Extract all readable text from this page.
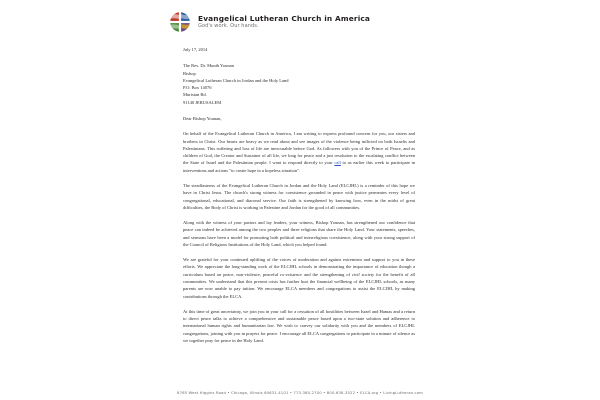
Evangelical Lutheran Church in America
God's work. Our hands.

July 17, 2014

The Rev. Dr. Munib Younan
Bishop
Evangelical Lutheran Church in Jordan and the Holy Land
P.O. Box 14076
Muristan Rd.
91140 JERUSALEM

Dear Bishop Younan,

On behalf of the Evangelical Lutheran Church in America, I am writing to express profound concern for you, our sisters and brothers in Christ. Our hearts are heavy as we read about and see images of the violence being inflicted on both Israelis and Palestinians. This suffering and loss of life are inexcusable before God. As followers with you of the Prince of Peace, and as children of God, the Creator and Sustainer of all life, we long for peace and a just resolution to the escalating conflict between the State of Israel and the Palestinian people. I want to respond directly to your call to us earlier this week to participate in interventions and actions "to create hope in a hopeless situation".

The steadfastness of the Evangelical Lutheran Church in Jordan and the Holy Land (ELCJHL) is a reminder of this hope we have in Christ Jesus. The church's strong witness for coexistence grounded in peace with justice permeates every level of congregational, educational, and diaconal service. Our faith is strengthened by knowing how, even in the midst of great difficulties, the Body of Christ is working in Palestine and Jordan for the good of all communities.

Along with the witness of your pastors and lay leaders, your witness, Bishop Younan, has strengthened our confidence that peace can indeed be achieved among the two peoples and three religions that share the Holy Land. Your statements, speeches, and sermons have been a model for promoting both political and interreligious coexistence, along with your strong support of the Council of Religious Institutions of the Holy Land, which you helped found.

We are grateful for your continued uplifting of the voices of moderation and against extremism and support to you in these efforts. We appreciate the long-standing work of the ELCJHL schools in demonstrating the importance of education though a curriculum based on peace, non-violence, peaceful co-existence and the strengthening of civil society for the benefit of all communities. We understand that this present crisis has further hurt the financial wellbeing of the ELCJHL schools, as many parents are now unable to pay tuition. We encourage ELCA members and congregations to assist the ELCJHL by making contributions through the ELCA.

At this time of great uncertainty, we join you in your call for a cessation of all hostilities between Israel and Hamas and a return to direct peace talks to achieve a comprehensive and sustainable peace based upon a two-state solution and adherence to international human rights and humanitarian law. We wish to convey our solidarity with you and the members of ELCJHL congregations, joining with you in prayers for peace. I encourage all ELCA congregations to participate in a minute of silence as we together pray for peace in the Holy Land.

8765 West Higgins Road • Chicago, Illinois 60631-4101 • 773-380-2700 • 800-638-3522 • ELCA.org • LivingLutheran.com
